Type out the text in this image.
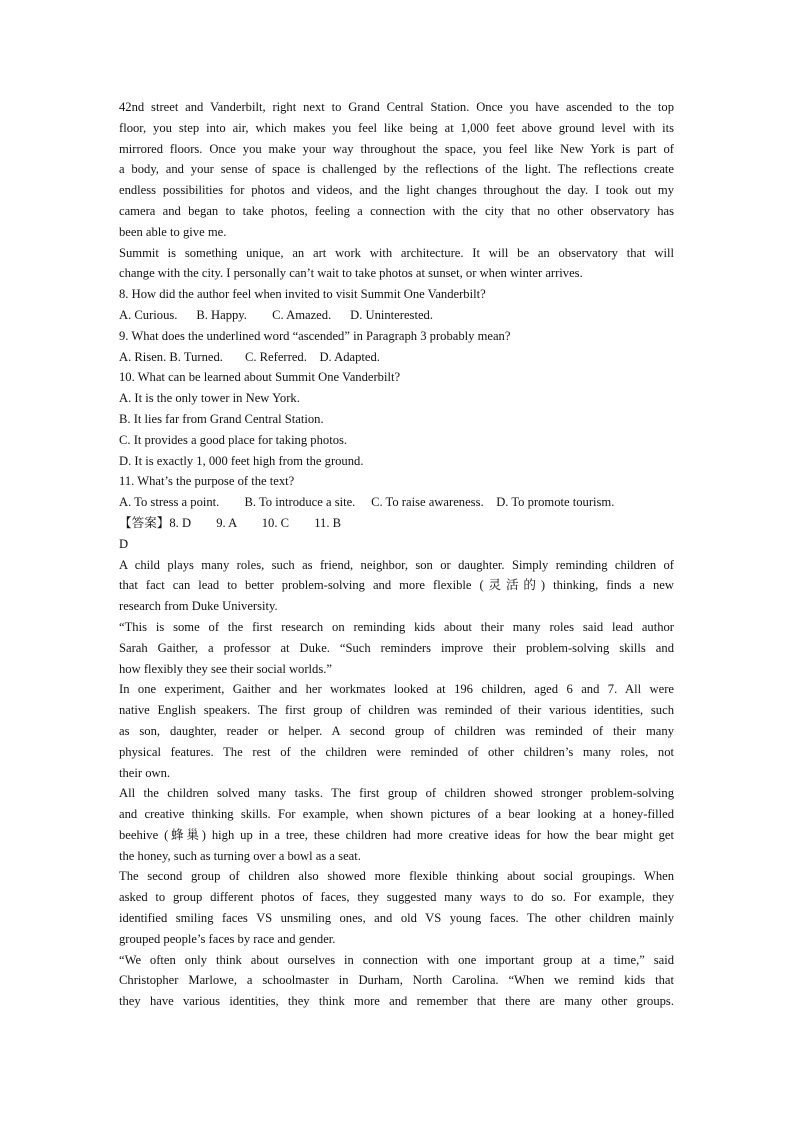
42nd street and Vanderbilt, right next to Grand Central Station. Once you have ascended to the top
floor, you step into air, which makes you feel like being at 1,000 feet above ground level with its
mirrored floors. Once you make your way throughout the space, you feel like New York is part of
a body, and your sense of space is challenged by the reflections of the light. The reflections create
endless possibilities for photos and videos, and the light changes throughout the day. I took out my
camera and began to take photos, feeling a connection with the city that no other observatory has
been able to give me.
Summit is something unique, an art work with architecture. It will be an observatory that will
change with the city. I personally can’t wait to take photos at sunset, or when winter arrives.
8. How did the author feel when invited to visit Summit One Vanderbilt?
A. Curious.      B. Happy.        C. Amazed.      D. Uninterested.
9. What does the underlined word “ascended” in Paragraph 3 probably mean?
A. Risen. B. Turned.       C. Referred.    D. Adapted.
10. What can be learned about Summit One Vanderbilt?
A. It is the only tower in New York.
B. It lies far from Grand Central Station.
C. It provides a good place for taking photos.
D. It is exactly 1, 000 feet high from the ground.
11. What’s the purpose of the text?
A. To stress a point.        B. To introduce a site.     C. To raise awareness.    D. To promote tourism.
【答案】8. D        9. A        10. C        11. B
D
A child plays many roles, such as friend, neighbor, son or daughter. Simply reminding children of
that fact can lead to better problem-solving and more flexible (灵活的) thinking, finds a new
research from Duke University.
“This is some of the first research on reminding kids about their many roles said lead author
Sarah Gaither, a professor at Duke. “Such reminders improve their problem-solving skills and
how flexibly they see their social worlds.”
In one experiment, Gaither and her workmates looked at 196 children, aged 6 and 7. All were
native English speakers. The first group of children was reminded of their various identities, such
as son, daughter, reader or helper. A second group of children was reminded of their many
physical features. The rest of the children were reminded of other children’s many roles, not
their own.
All the children solved many tasks. The first group of children showed stronger problem-solving
and creative thinking skills. For example, when shown pictures of a bear looking at a honey-filled
beehive (蜂巢) high up in a tree, these children had more creative ideas for how the bear might get
the honey, such as turning over a bowl as a seat.
The second group of children also showed more flexible thinking about social groupings. When
asked to group different photos of faces, they suggested many ways to do so. For example, they
identified smiling faces VS unsmiling ones, and old VS young faces. The other children mainly
grouped people’s faces by race and gender.
“We often only think about ourselves in connection with one important group at a time,” said
Christopher Marlowe, a schoolmaster in Durham, North Carolina. “When we remind kids that
they have various identities, they think more and remember that there are many other groups.
